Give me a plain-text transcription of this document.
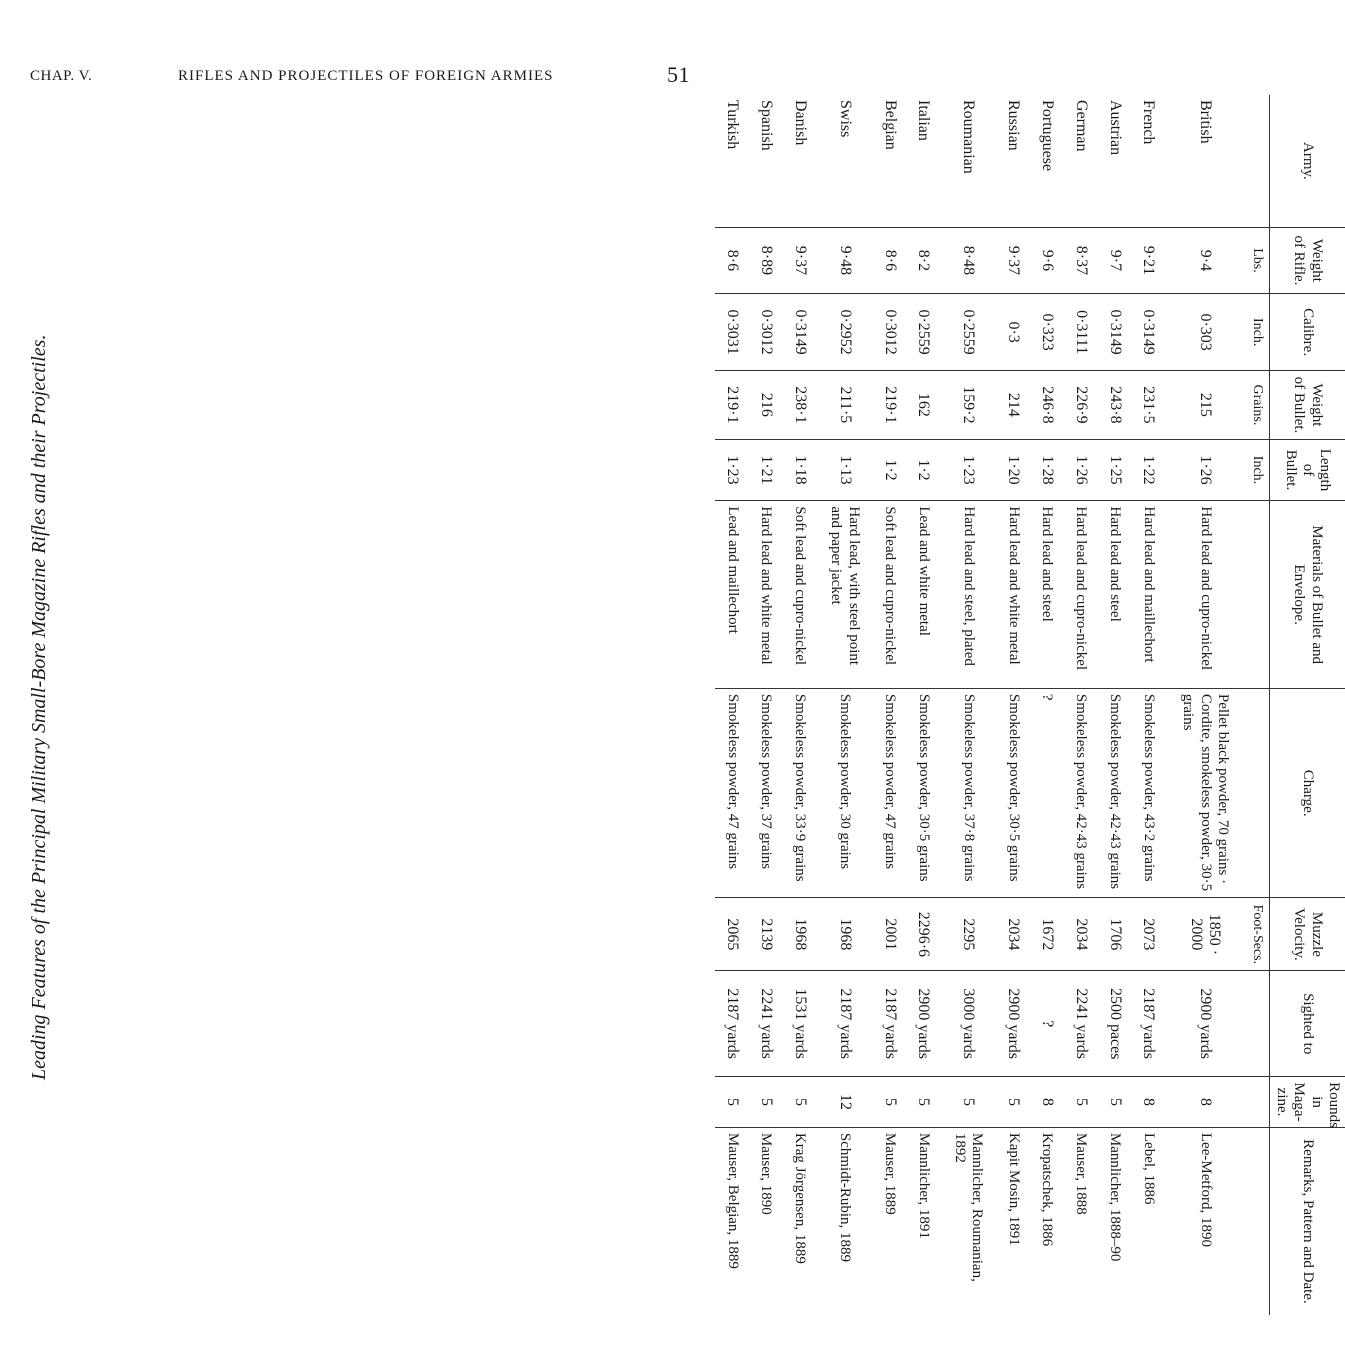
CHAP. V.	RIFLES AND PROJECTILES OF FOREIGN ARMIES	51
Leading Features of the Principal Military Small-Bore Magazine Rifles and their Projectiles.
Army.	Weight of Rifle.	Calibre.	Weight of Bullet.	Length of Bullet.	Materials of Bullet and Envelope.	Charge.	Muzzle Velocity.	Sighted to	Rounds in Maga-zine.	Remarks, Pattern and Date.
	Lbs.	Inch.	Grains.	Inch.			Foot-Secs.			
British	9·4	0·303	215	1·26	Hard lead and cupro-nickel	Pellet black powder, 70 grains · Cordite, smokeless powder, 30·5 grains	1850 · 2000	2900 yards	8	Lee-Metford, 1890
French	9·21	0·3149	231·5	1·22	Hard lead and maillechort	Smokeless powder, 43·2 grains	2073	2187 yards	8	Lebel, 1886
Austrian	9·7	0·3149	243·8	1·25	Hard lead and steel	Smokeless powder, 42·43 grains	1706	2500 paces	5	Mannlicher, 1888–90
German	8·37	0·3111	226·9	1·26	Hard lead and cupro-nickel	Smokeless powder, 42·43 grains	2034	2241 yards	5	Mauser, 1888
Portuguese	9·6	0·323	246·8	1·28	Hard lead and steel	?	1672	?	8	Kropatschek, 1886
Russian	9·37	0·3	214	1·20	Hard lead and white metal	Smokeless powder, 30·5 grains	2034	2900 yards	5	Kapit Mosin, 1891
Roumanian	8·48	0·2559	159·2	1·23	Hard lead and steel, plated	Smokeless powder, 37·8 grains	2295	3000 yards	5	Mannlicher, Roumanian, 1892
Italian	8·2	0·2559	162	1·2	Lead and white metal	Smokeless powder, 30·5 grains	2296·6	2900 yards	5	Mannlicher, 1891
Belgian	8·6	0·3012	219·1	1·2	Soft lead and cupro-nickel	Smokeless powder, 47 grains	2001	2187 yards	5	Mauser, 1889
Swiss	9·48	0·2952	211·5	1·13	Hard lead, with steel point and paper jacket	Smokeless powder, 30 grains	1968	2187 yards	12	Schmidt-Rubin, 1889
Danish	9·37	0·3149	238·1	1·18	Soft lead and cupro-nickel	Smokeless powder, 33·9 grains	1968	1531 yards	5	Krag Jörgensen, 1889
Spanish	8·89	0·3012	216	1·21	Hard lead and white metal	Smokeless powder, 37 grains	2139	2241 yards	5	Mauser, 1890
Turkish	8·6	0·3031	219·1	1·23	Lead and maillechort	Smokeless powder, 47 grains	2065	2187 yards	5	Mauser, Belgian, 1889
